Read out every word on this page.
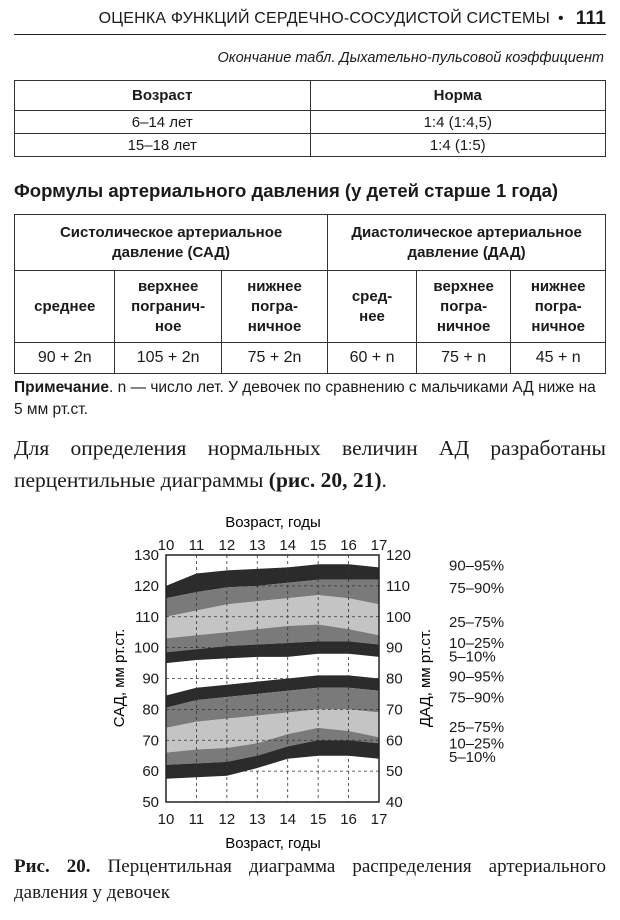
ОЦЕНКА ФУНКЦИЙ СЕРДЕЧНО-СОСУДИСТОЙ СИСТЕМЫ • 111
Окончание табл. Дыхательно-пульсовой коэффициент
Возраст	Норма
6–14 лет	1:4 (1:4,5)
15–18 лет	1:4 (1:5)
Формулы артериального давления (у детей старше 1 года)
Систолическое артериальное давление (САД)			Диастолическое артериальное давление (ДАД)		
среднее	верхнее погранич-ное	нижнее погра-ничное	сред-нее	верхнее погра-ничное	нижнее погра-ничное
90 + 2n	105 + 2n	75 + 2n	60 + n	75 + n	45 + n
Примечание. n — число лет. У девочек по сравнению с мальчиками АД ниже на 5 мм рт.ст.
Для определения нормальных величин АД разработаны перцентильные диаграммы (рис. 20, 21).
10 11 12 13 14 15 16 17
10 11 12 13 14 15 16 17
50
60
70
80
90
100
110
120
130
40
50
60
70
80
90
100
110
120
Возраст, годы
Возраст, годы
САД, мм рт.ст.	ДАД, мм рт.ст.
90–95%
75–90%
25–75%
10–25%
5–10%
90–95%
75–90%
25–75%
10–25%
5–10%
Рис. 20. Перцентильная диаграмма распределения артериального давления у девочек
